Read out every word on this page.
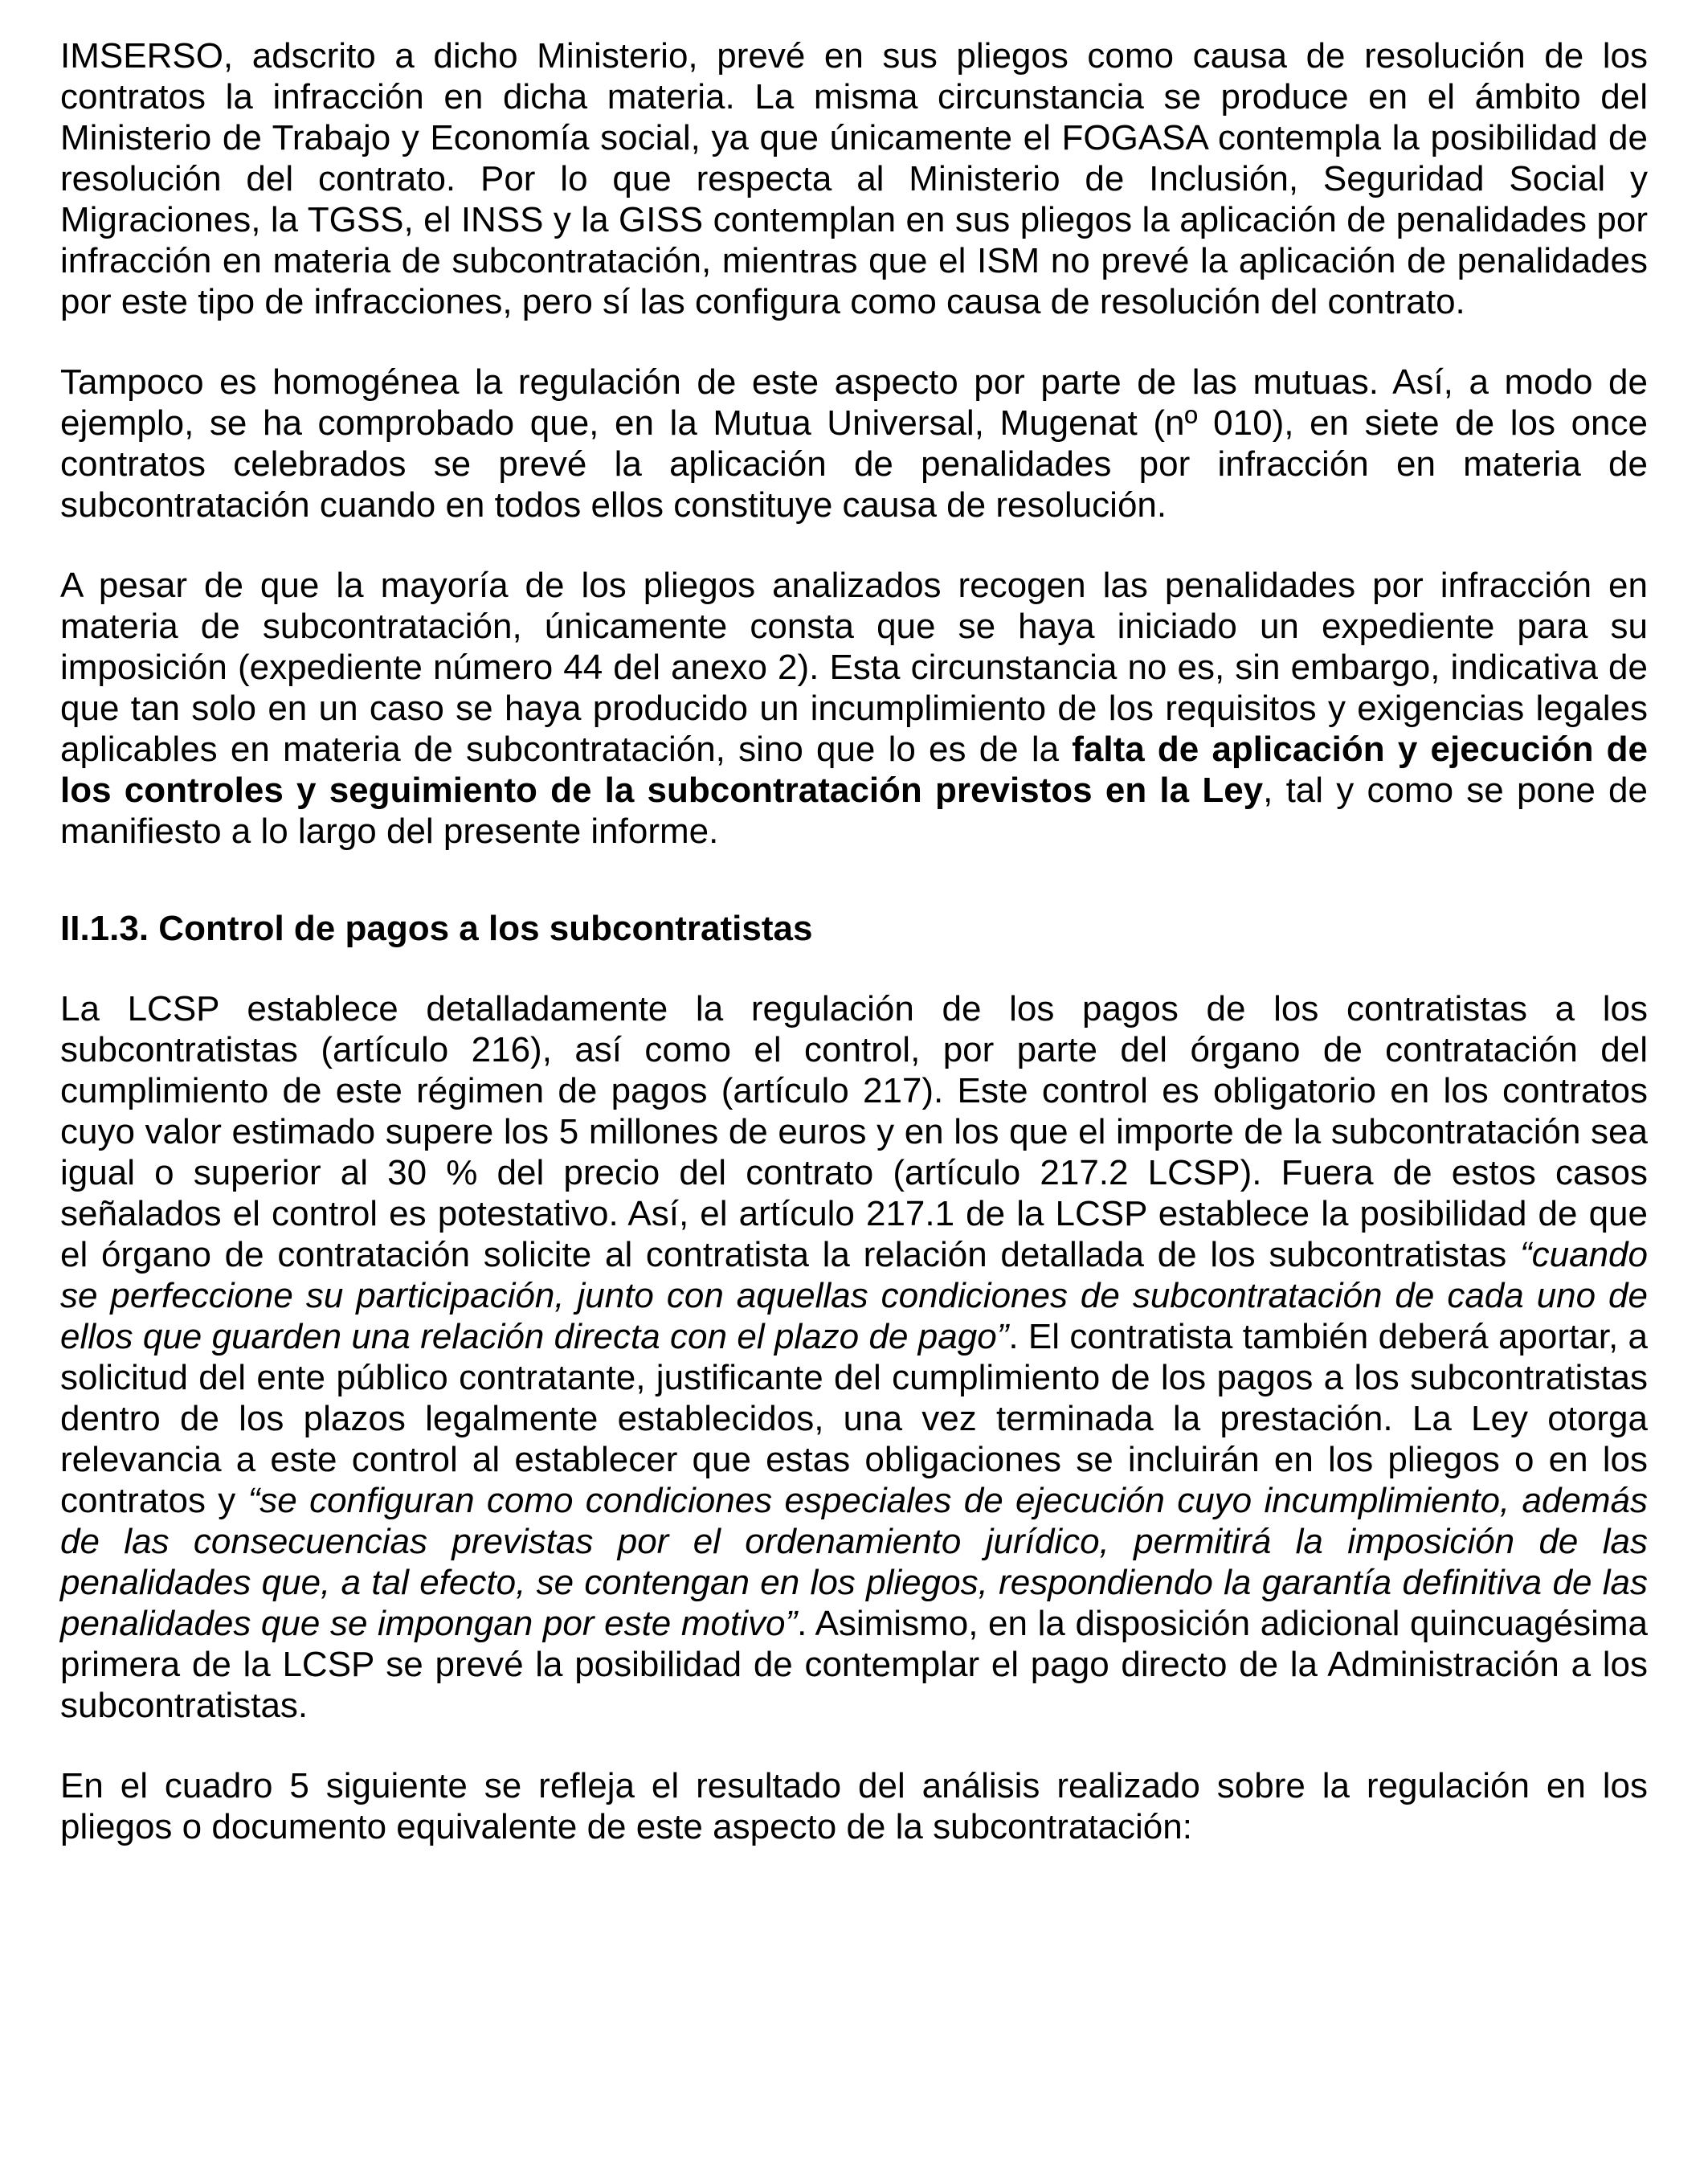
IMSERSO, adscrito a dicho Ministerio, prevé en sus pliegos como causa de resolución de los contratos la infracción en dicha materia. La misma circunstancia se produce en el ámbito del Ministerio de Trabajo y Economía social, ya que únicamente el FOGASA contempla la posibilidad de resolución del contrato. Por lo que respecta al Ministerio de Inclusión, Seguridad Social y Migraciones, la TGSS, el INSS y la GISS contemplan en sus pliegos la aplicación de penalidades por infracción en materia de subcontratación, mientras que el ISM no prevé la aplicación de penalidades por este tipo de infracciones, pero sí las configura como causa de resolución del contrato.

Tampoco es homogénea la regulación de este aspecto por parte de las mutuas. Así, a modo de ejemplo, se ha comprobado que, en la Mutua Universal, Mugenat (nº 010), en siete de los once contratos celebrados se prevé la aplicación de penalidades por infracción en materia de subcontratación cuando en todos ellos constituye causa de resolución.

A pesar de que la mayoría de los pliegos analizados recogen las penalidades por infracción en materia de subcontratación, únicamente consta que se haya iniciado un expediente para su imposición (expediente número 44 del anexo 2). Esta circunstancia no es, sin embargo, indicativa de que tan solo en un caso se haya producido un incumplimiento de los requisitos y exigencias legales aplicables en materia de subcontratación, sino que lo es de la falta de aplicación y ejecución de los controles y seguimiento de la subcontratación previstos en la Ley, tal y como se pone de manifiesto a lo largo del presente informe.

II.1.3. Control de pagos a los subcontratistas

La LCSP establece detalladamente la regulación de los pagos de los contratistas a los subcontratistas (artículo 216), así como el control, por parte del órgano de contratación del cumplimiento de este régimen de pagos (artículo 217). Este control es obligatorio en los contratos cuyo valor estimado supere los 5 millones de euros y en los que el importe de la subcontratación sea igual o superior al 30 % del precio del contrato (artículo 217.2 LCSP). Fuera de estos casos señalados el control es potestativo. Así, el artículo 217.1 de la LCSP establece la posibilidad de que el órgano de contratación solicite al contratista la relación detallada de los subcontratistas “cuando se perfeccione su participación, junto con aquellas condiciones de subcontratación de cada uno de ellos que guarden una relación directa con el plazo de pago”. El contratista también deberá aportar, a solicitud del ente público contratante, justificante del cumplimiento de los pagos a los subcontratistas dentro de los plazos legalmente establecidos, una vez terminada la prestación. La Ley otorga relevancia a este control al establecer que estas obligaciones se incluirán en los pliegos o en los contratos y “se configuran como condiciones especiales de ejecución cuyo incumplimiento, además de las consecuencias previstas por el ordenamiento jurídico, permitirá la imposición de las penalidades que, a tal efecto, se contengan en los pliegos, respondiendo la garantía definitiva de las penalidades que se impongan por este motivo”. Asimismo, en la disposición adicional quincuagésima primera de la LCSP se prevé la posibilidad de contemplar el pago directo de la Administración a los subcontratistas.

En el cuadro 5 siguiente se refleja el resultado del análisis realizado sobre la regulación en los pliegos o documento equivalente de este aspecto de la subcontratación:
